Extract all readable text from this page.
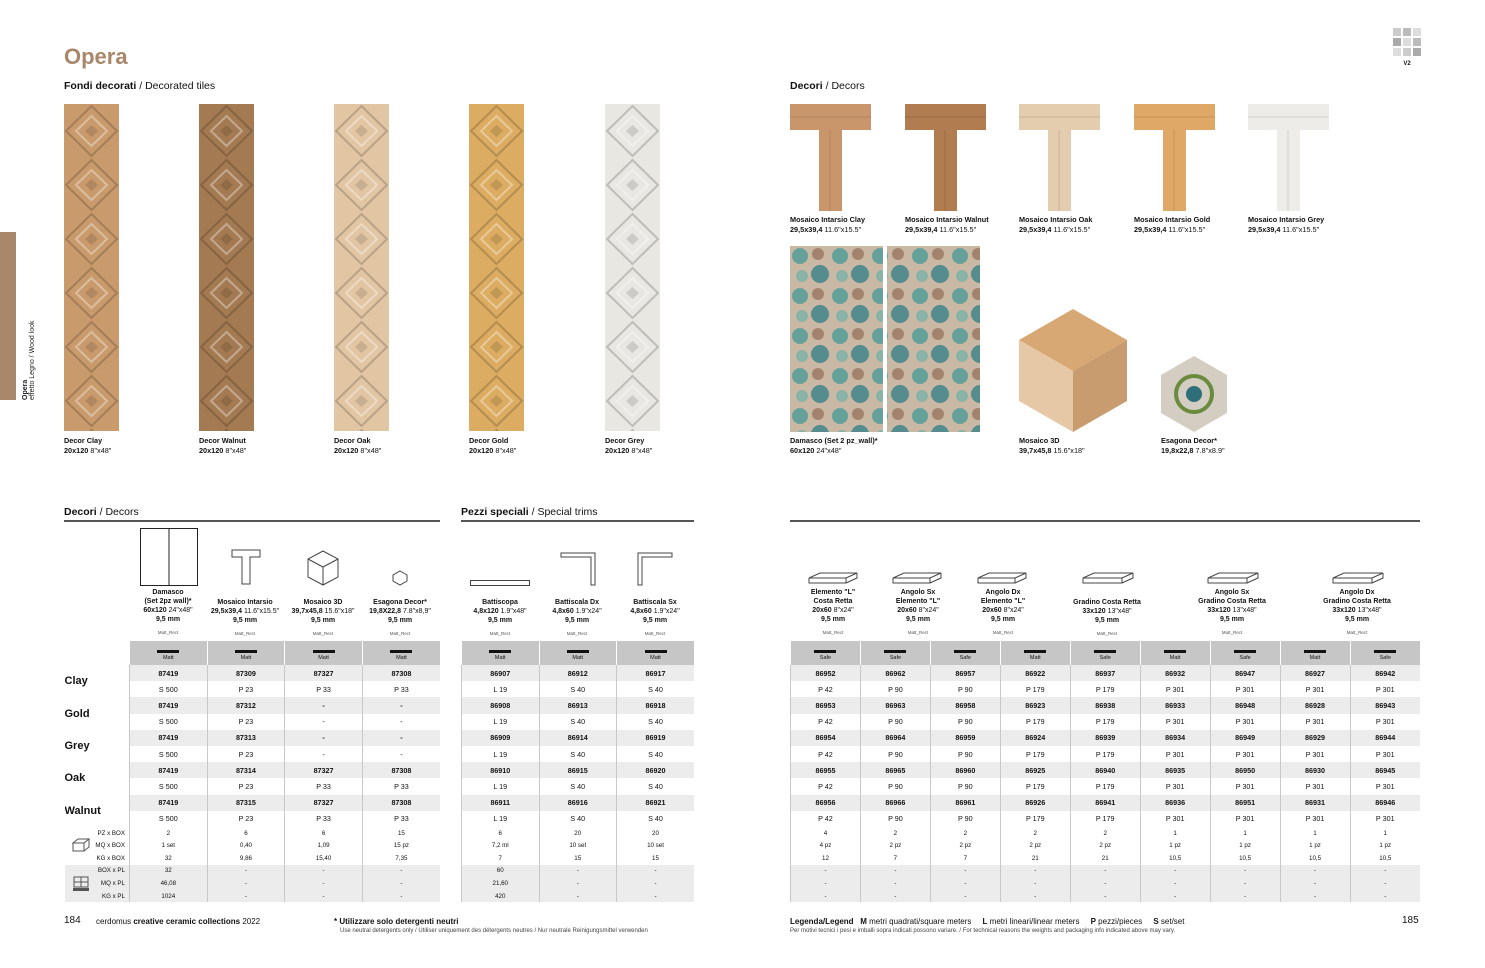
Opera	V2
Opera
effetto Legno / Wood look
Fondi decorati / Decorated tiles	Decori / Decors
Decor Clay
20x120 8"x48"
Decor Walnut
20x120 8"x48"
Decor Oak
20x120 8"x48"
Decor Gold
20x120 8"x48"
Decor Grey
20x120 8"x48"
Mosaico Intarsio Clay
29,5x39,4 11.6"x15.5"
Mosaico Intarsio Walnut
29,5x39,4 11.6"x15.5"
Mosaico Intarsio Oak
29,5x39,4 11.6"x15.5"
Mosaico Intarsio Gold
29,5x39,4 11.6"x15.5"
Mosaico Intarsio Grey
29,5x39,4 11.6"x15.5"
Damasco (Set 2 pz_wall)*
60x120 24"x48"
Mosaico 3D
39,7x45,8 15.6"x18"
Esagona Decor*
19,8x22,8 7.8"x8.9"
Decori / Decors	Pezzi speciali / Special trims
Damasco
(Set 2pz wall)*
60x120 24"x48"
9,5 mm
Matt_Rect
Mosaico Intarsio
29,5x39,4 11.6"x15.5"
9,5 mm
Matt_Rect
Mosaico 3D
39,7x45,8 15.6"x18"
9,5 mm
Matt_Rect
Esagona Decor*
19,8X22,8 7.8"x8,9"
9,5 mm
Matt_Rect
Battiscopa
4,8x120 1.9"x48"
9,5 mm
Matt_Rect
Battiscala Dx
4,8x60 1.9"x24"
9,5 mm
Matt_Rect
Battiscala Sx
4,8x60 1.9"x24"
9,5 mm
Matt_Rect
Elemento "L"
Costa Retta
20x60 8"x24"
9,5 mm
Matt_Rect
Angolo Sx
Elemento "L"
20x60 8"x24"
9,5 mm
Matt_Rect
Angolo Dx
Elemento "L"
20x60 8"x24"
9,5 mm
Matt_Rect
Gradino Costa Retta
33x120 13"x48"
9,5 mm
Matt_Rect
Angolo Sx
Gradino Costa Retta
33x120 13"x48"
9,5 mm
Matt_Rect
Angolo Dx
Gradino Costa Retta
33x120 13"x48"
9,5 mm
Matt_Rect

Matt	Matt	Matt	Matt
Clay	87419	87309	87327	87308
	S 500	P 23	P 33	P 33
Gold	87419	87312	-	-
	S 500	P 23	-	-
Grey	87419	87313	-	-
	S 500	P 23	-	-
Oak	87419	87314	87327	87308
	S 500	P 23	P 33	P 33
Walnut	87419	87315	87327	87308
	S 500	P 23	P 33	P 33
PZ x BOX	2	6	6	15
MQ x BOX	1 set	0,40	1,09	15 pz
KG x BOX	32	9,86	15,40	7,35
BOX x PL	32	-	-	-
MQ x PL	46,08	-	-	-
KG x PL	1024	-	-	-
Matt	Matt	Matt
86907	86912	86917
L 19	S 40	S 40
86908	86913	86918
L 19	S 40	S 40
86909	86914	86919
L 19	S 40	S 40
86910	86915	86920
L 19	S 40	S 40
86911	86916	86921
L 19	S 40	S 40
6	20	20
7,2 ml	10 set	10 set
7	15	15
60	-	-
21,60	-	-
420	-	-
Safe	Safe	Safe	Matt	Safe	Matt	Safe	Matt	Safe
86952	86962	86957	86922	86937	86932	86947	86927	86942
P 42	P 90	P 90	P 179	P 179	P 301	P 301	P 301	P 301
86953	86963	86958	86923	86938	86933	86948	86928	86943
P 42	P 90	P 90	P 179	P 179	P 301	P 301	P 301	P 301
86954	86964	86959	86924	86939	86934	86949	86929	86944
P 42	P 90	P 90	P 179	P 179	P 301	P 301	P 301	P 301
86955	86965	86960	86925	86940	86935	86950	86930	86945
P 42	P 90	P 90	P 179	P 179	P 301	P 301	P 301	P 301
86956	86966	86961	86926	86941	86936	86951	86931	86946
P 42	P 90	P 90	P 179	P 179	P 301	P 301	P 301	P 301
4	2	2	2	2	1	1	1	1
4 pz	2 pz	2 pz	2 pz	2 pz	1 pz	1 pz	1 pz	1 pz
12	7	7	21	21	10,5	10,5	10,5	10,5
-	-	-	-	-	-	-	-	-
-	-	-	-	-	-	-	-	-
-	-	-	-	-	-	-	-	-
184 cerdomus creative ceramic collections 2022	* Utilizzare solo detergenti neutri
Use neutral detergents only / Utiliser uniquement des détergents neutres / Nur neutrale Reinigungsmittel verwenden
Legenda/Legend M metri quadrati/square meters L metri lineari/linear meters P pezzi/pieces S set/set
Per motivi tecnici i pesi e imballi sopra indicati possono variare. / For technical reasons the weights and packaging info indicated above may vary.
185
